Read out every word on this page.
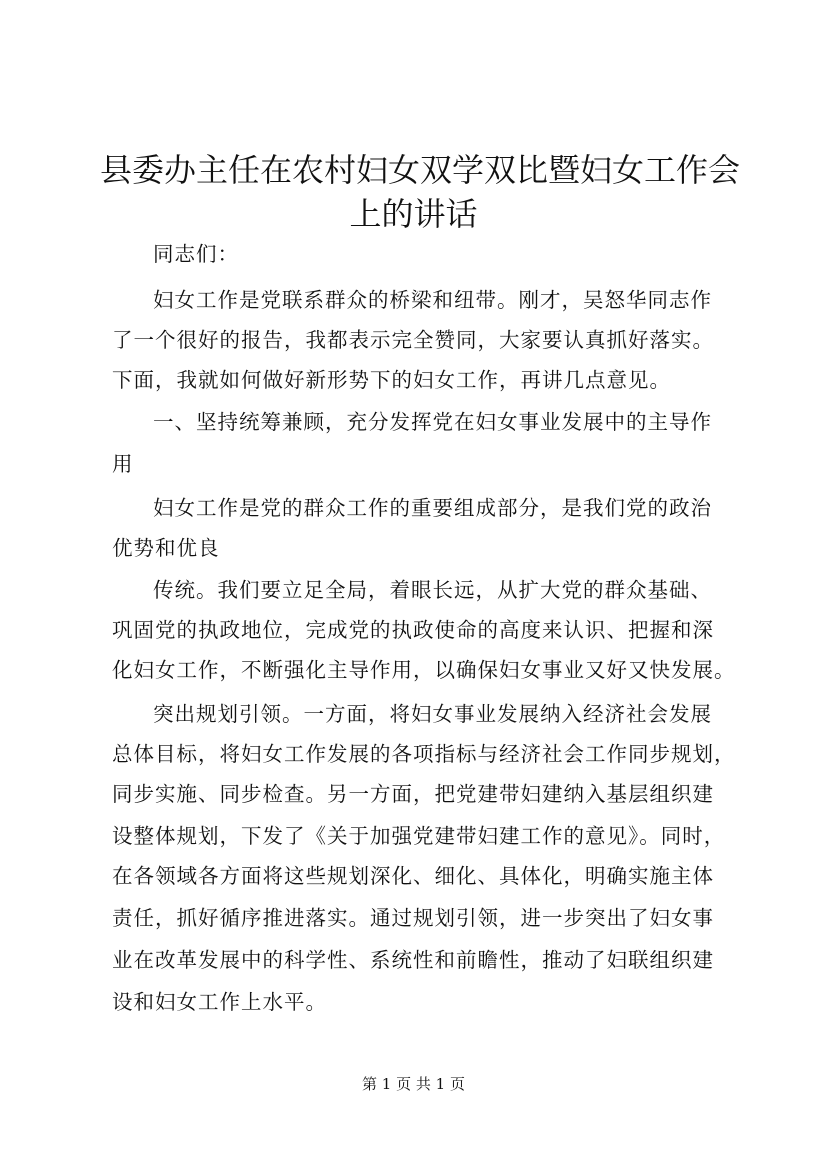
县委办主任在农村妇女双学双比暨妇女工作会
上的讲话
同志们：
妇女工作是党联系群众的桥梁和纽带。刚才，吴怒华同志作
了一个很好的报告，我都表示完全赞同，大家要认真抓好落实。
下面，我就如何做好新形势下的妇女工作，再讲几点意见。
一、坚持统筹兼顾，充分发挥党在妇女事业发展中的主导作
用
妇女工作是党的群众工作的重要组成部分，是我们党的政治
优势和优良
传统。我们要立足全局，着眼长远，从扩大党的群众基础、
巩固党的执政地位，完成党的执政使命的高度来认识、把握和深
化妇女工作，不断强化主导作用，以确保妇女事业又好又快发展。
突出规划引领。一方面，将妇女事业发展纳入经济社会发展
总体目标，将妇女工作发展的各项指标与经济社会工作同步规划，
同步实施、同步检查。另一方面，把党建带妇建纳入基层组织建
设整体规划，下发了《关于加强党建带妇建工作的意见》。同时，
在各领域各方面将这些规划深化、细化、具体化，明确实施主体
责任，抓好循序推进落实。通过规划引领，进一步突出了妇女事
业在改革发展中的科学性、系统性和前瞻性，推动了妇联组织建
设和妇女工作上水平。
第 1 页 共 1 页
